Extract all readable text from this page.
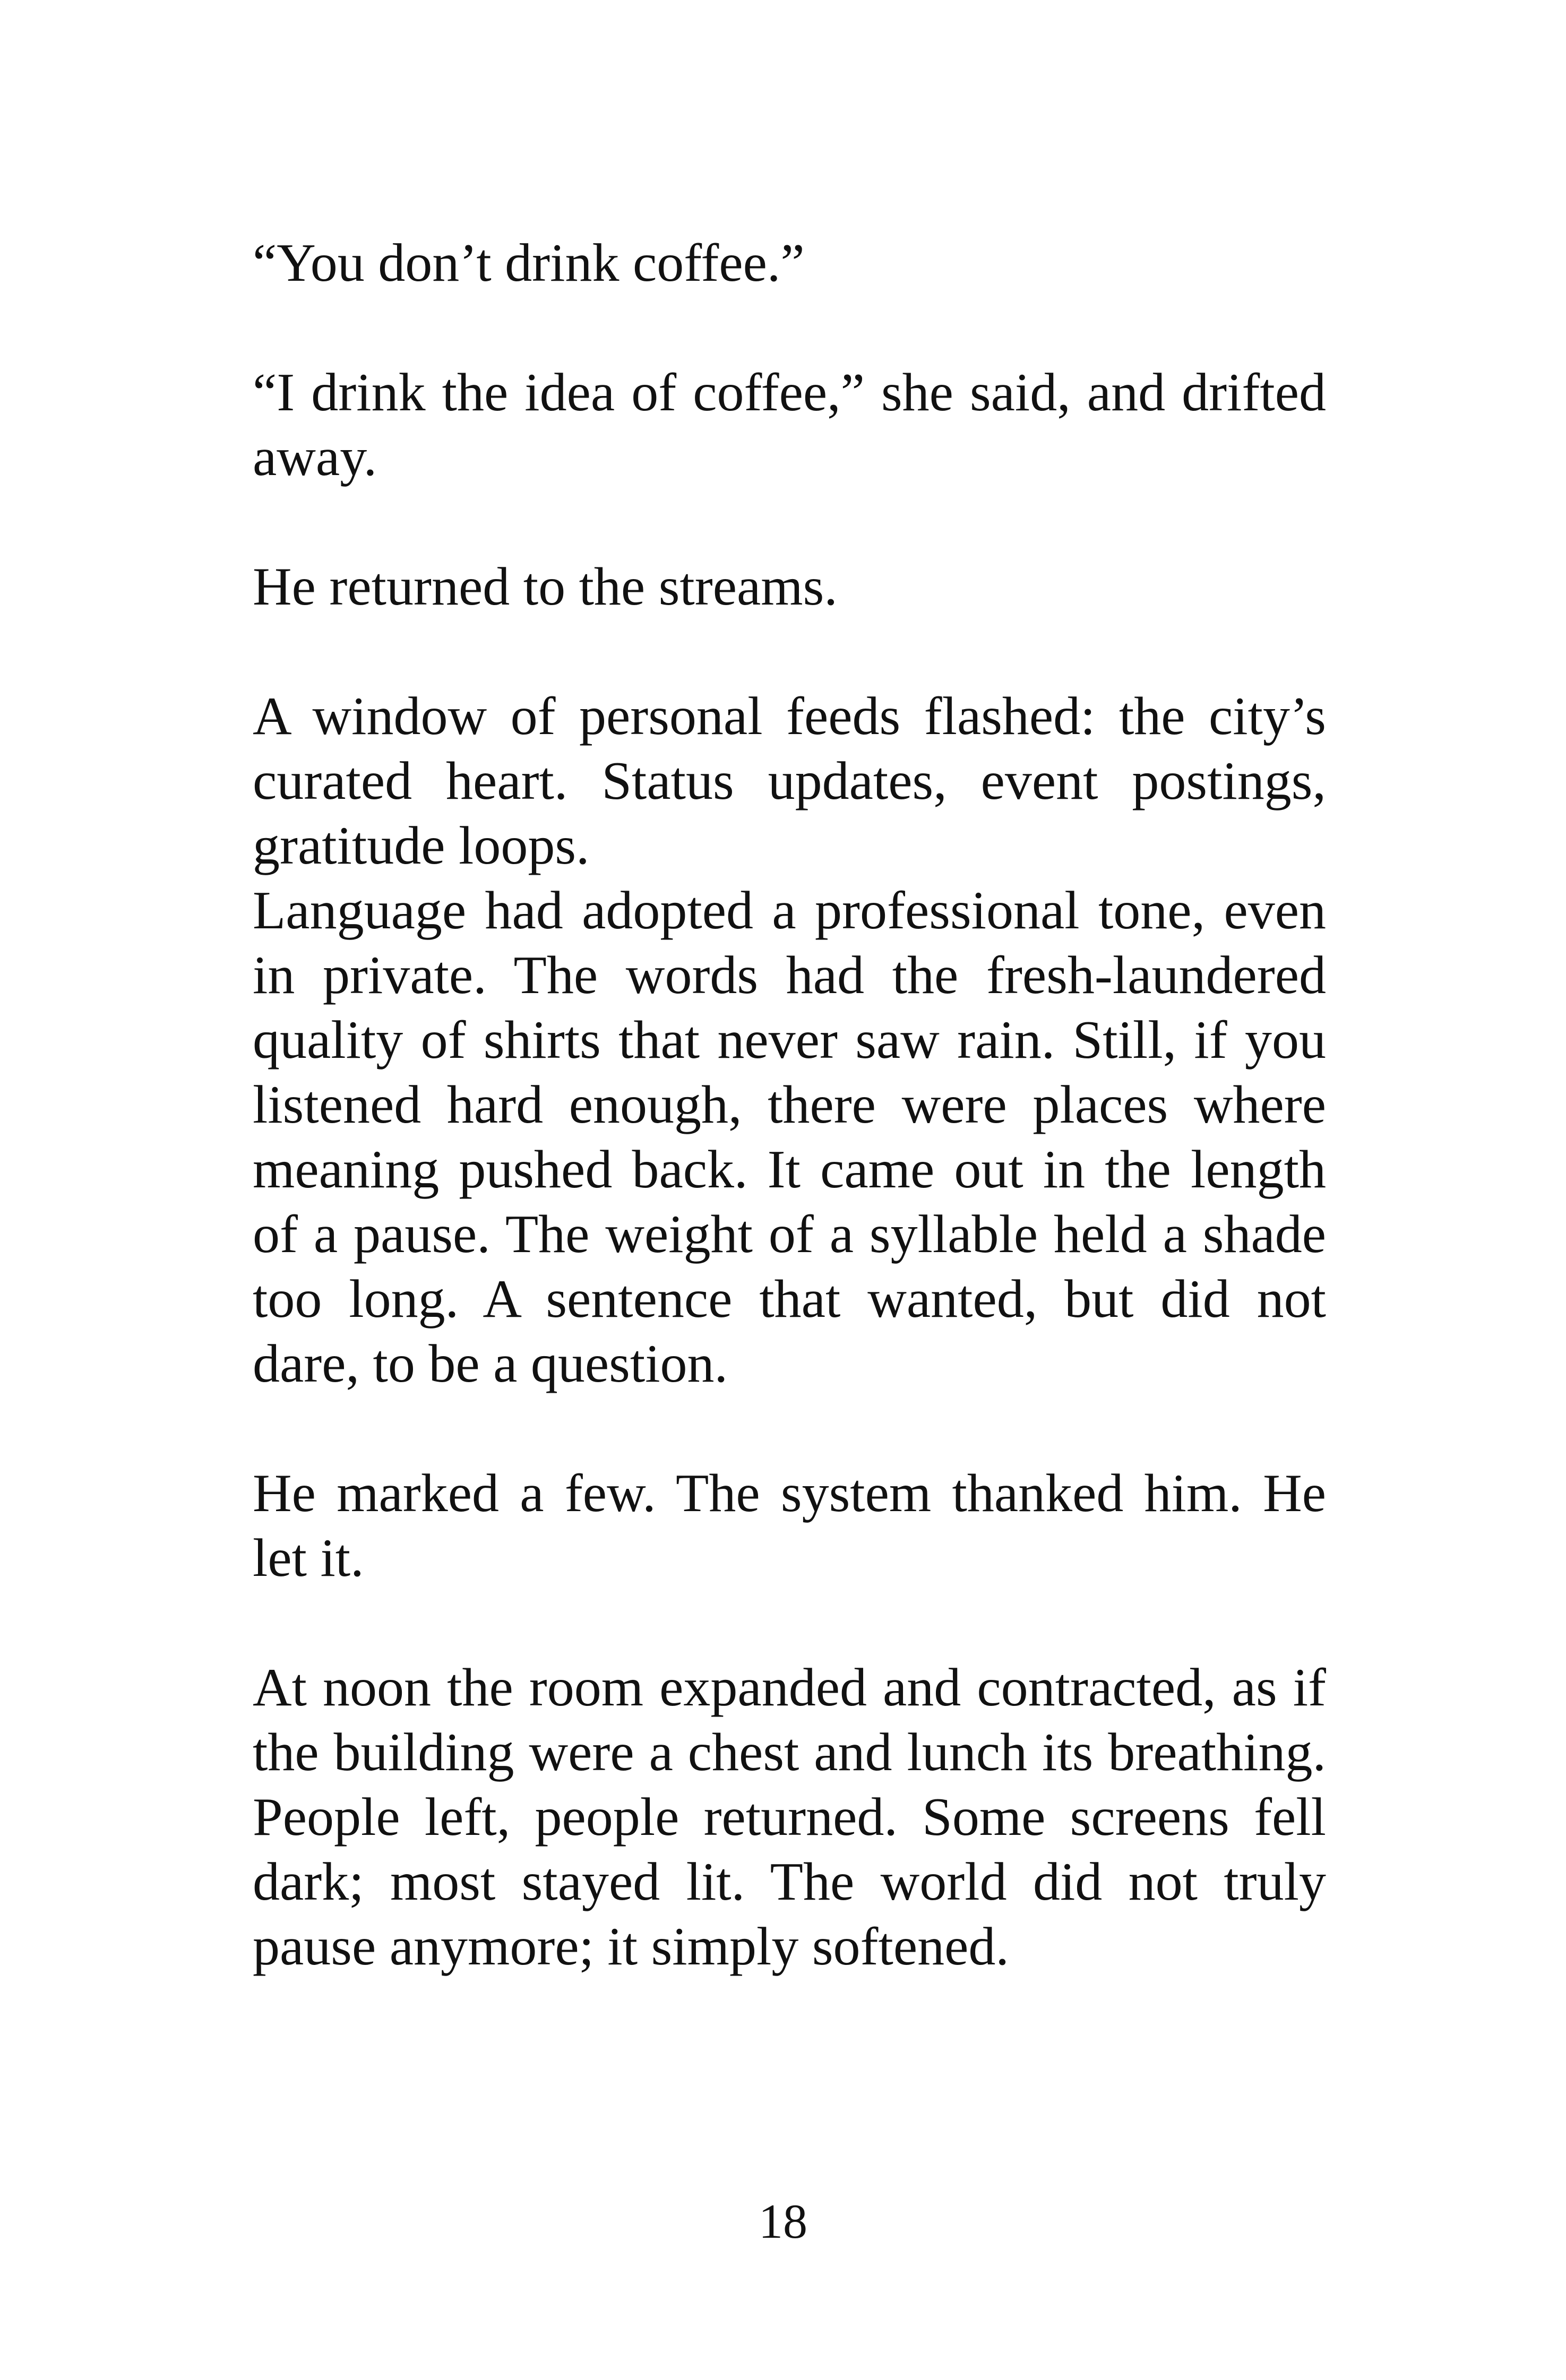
“You don’t drink coffee.”

“I drink the idea of coffee,” she said, and drifted away.

He returned to the streams.

A window of personal feeds flashed: the city’s curated heart. Status updates, event postings, gratitude loops.

Language had adopted a professional tone, even in private. The words had the fresh-laundered quality of shirts that never saw rain. Still, if you listened hard enough, there were places where meaning pushed back. It came out in the length of a pause. The weight of a syllable held a shade too long. A sentence that wanted, but did not dare, to be a question.

He marked a few. The system thanked him. He let it.

At noon the room expanded and contracted, as if the building were a chest and lunch its breathing. People left, people returned. Some screens fell dark; most stayed lit. The world did not truly pause anymore; it simply softened.

18
